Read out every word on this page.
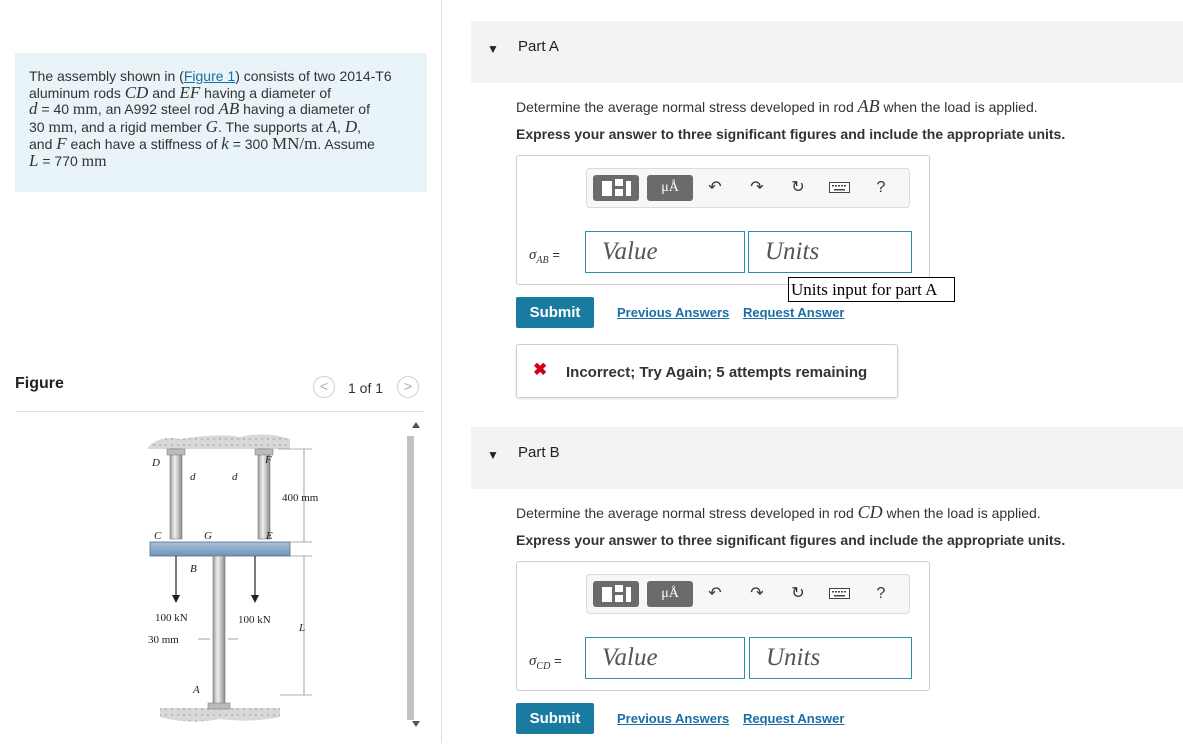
The assembly shown in (Figure 1) consists of two 2014-T6
aluminum rods CD and EF having a diameter of
d = 40 mm, an A992 steel rod AB having a diameter of
30 mm, and a rigid member G. The supports at A, D,
and F each have a stiffness of k = 300 MN/m. Assume
L = 770 mm
Figure	<	1 of 1	>
D	F
d	d
400 mm
C	G	E
B
100 kN	100 kN
30 mm
L
A
▼ Part A
Determine the average normal stress developed in rod AB when the load is applied.
Express your answer to three significant figures and include the appropriate units.
μÅ	↶ ↷ ↻	?
$\sigma_{AB}$ =	Value	Units
Units input for part A
Submit	Previous Answers Request Answer
✖ Incorrect; Try Again; 5 attempts remaining
▼ Part B
Determine the average normal stress developed in rod CD when the load is applied.
Express your answer to three significant figures and include the appropriate units.
μÅ	↶ ↷ ↻	?
$\sigma_{CD}$ =	Value	Units
Submit	Previous Answers Request Answer
